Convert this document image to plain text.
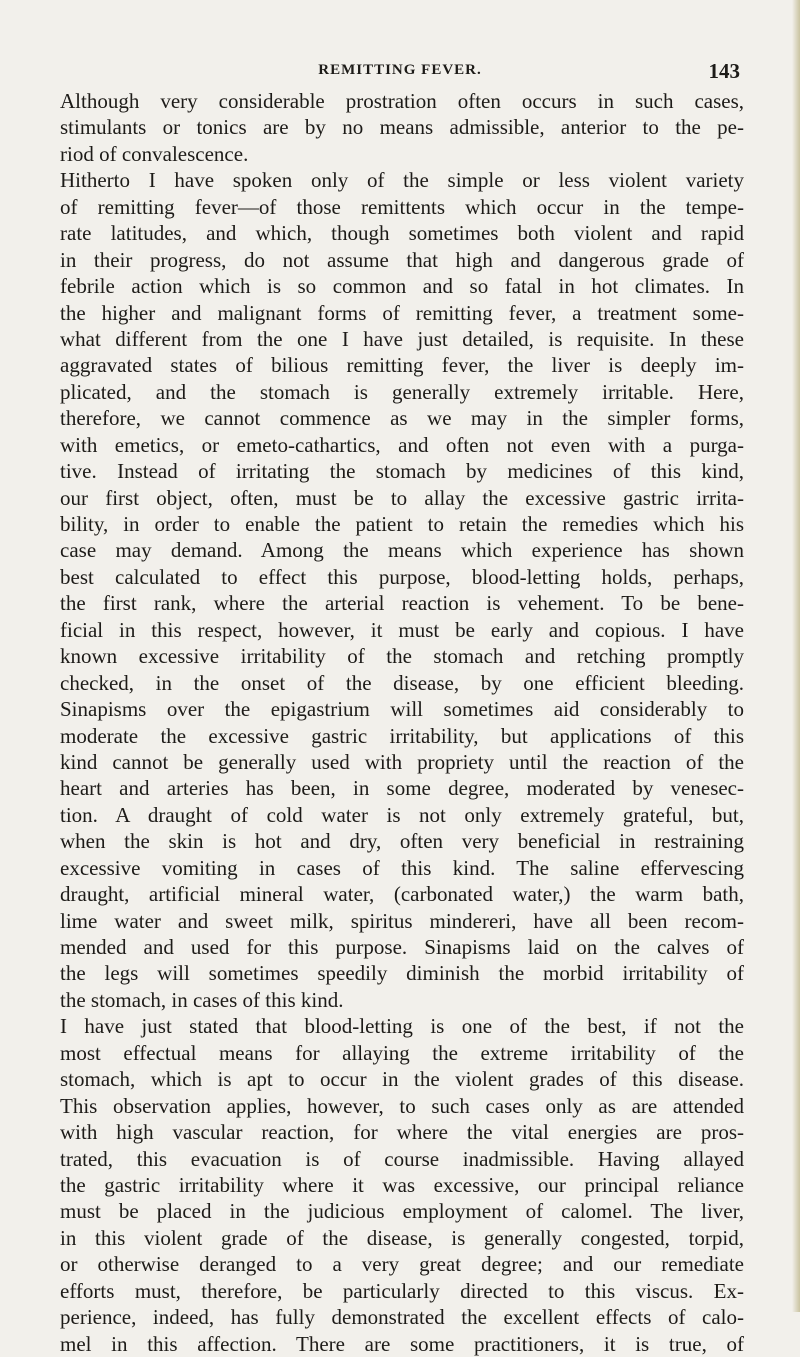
REMITTING FEVER.	143
Although very considerable prostration often occurs in such cases,
stimulants or tonics are by no means admissible, anterior to the pe-
riod of convalescence.
Hitherto I have spoken only of the simple or less violent variety
of remitting fever—of those remittents which occur in the tempe-
rate latitudes, and which, though sometimes both violent and rapid
in their progress, do not assume that high and dangerous grade of
febrile action which is so common and so fatal in hot climates. In
the higher and malignant forms of remitting fever, a treatment some-
what different from the one I have just detailed, is requisite. In these
aggravated states of bilious remitting fever, the liver is deeply im-
plicated, and the stomach is generally extremely irritable. Here,
therefore, we cannot commence as we may in the simpler forms,
with emetics, or emeto-cathartics, and often not even with a purga-
tive. Instead of irritating the stomach by medicines of this kind,
our first object, often, must be to allay the excessive gastric irrita-
bility, in order to enable the patient to retain the remedies which his
case may demand. Among the means which experience has shown
best calculated to effect this purpose, blood-letting holds, perhaps,
the first rank, where the arterial reaction is vehement. To be bene-
ficial in this respect, however, it must be early and copious. I have
known excessive irritability of the stomach and retching promptly
checked, in the onset of the disease, by one efficient bleeding.
Sinapisms over the epigastrium will sometimes aid considerably to
moderate the excessive gastric irritability, but applications of this
kind cannot be generally used with propriety until the reaction of the
heart and arteries has been, in some degree, moderated by venesec-
tion. A draught of cold water is not only extremely grateful, but,
when the skin is hot and dry, often very beneficial in restraining
excessive vomiting in cases of this kind. The saline effervescing
draught, artificial mineral water, (carbonated water,) the warm bath,
lime water and sweet milk, spiritus mindereri, have all been recom-
mended and used for this purpose. Sinapisms laid on the calves of
the legs will sometimes speedily diminish the morbid irritability of
the stomach, in cases of this kind.
I have just stated that blood-letting is one of the best, if not the
most effectual means for allaying the extreme irritability of the
stomach, which is apt to occur in the violent grades of this disease.
This observation applies, however, to such cases only as are attended
with high vascular reaction, for where the vital energies are pros-
trated, this evacuation is of course inadmissible. Having allayed
the gastric irritability where it was excessive, our principal reliance
must be placed in the judicious employment of calomel. The liver,
in this violent grade of the disease, is generally congested, torpid,
or otherwise deranged to a very great degree; and our remediate
efforts must, therefore, be particularly directed to this viscus. Ex-
perience, indeed, has fully demonstrated the excellent effects of calo-
mel in this affection. There are some practitioners, it is true, of
